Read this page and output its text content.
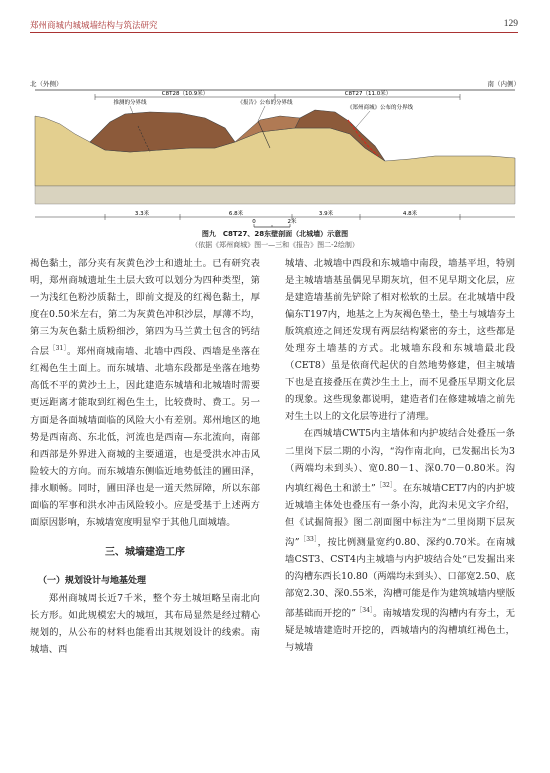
郑州商城内城城墙结构与筑法研究	129
北（外侧）	南（内侧）
C8T28（10.9米）	C8T27（11.0米）
推测的分界线	《报告》公布的分界线
《郑州商城》公布的分界线
3.3米	6.8米	3.9米	4.8米
0	2米
图九　C8T27、28东壁剖面（北城墙）示意图
（依据《郑州商城》图一—三和《报告》图二-2绘制）

褐色黏土，部分夹有灰黄色沙土和遗址土。已有研究表明，郑州商城遗址生土层大致可以划分为四种类型，第一为浅红色粉沙质黏土，即前文提及的红褐色黏土，厚度在0.50米左右，第二为灰黄色冲积沙层，厚薄不均，第三为灰色黏土质粉细沙，第四为马兰黄土包含的钙结合层$^{[31]}$。郑州商城南墙、北墙中西段、西墙是坐落在红褐色生土面上。而东城墙、北墙东段都是坐落在地势高低不平的黄沙土上，因此建造东城墙和北城墙时需要更远距离才能取到红褐色生土，比较费时、费工。另一方面是各面城墙面临的风险大小有差别。郑州地区的地势是西南高、东北低，河流也是西南—东北流向，南部和西部是外界进入商城的主要通道，也是受洪水冲击风险较大的方向。而东城墙东侧临近地势低洼的圃田泽，排水顺畅。同时，圃田泽也是一道天然屏障，所以东部面临的军事和洪水冲击风险较小。应是受基于上述两方面原因影响，东城墙宽度明显窄于其他几面城墙。

三、城墙建造工序
（一）规划设计与地基处理

郑州商城周长近7千米，整个夯土城垣略呈南北向长方形。如此规模宏大的城垣，其布局显然是经过精心规划的，从公布的材料也能看出其规划设计的线索。南城墙、西

城墙、北城墙中西段和东城墙中南段，墙基平坦，特别是主城墙墙基虽偶见早期灰坑，但不见早期文化层，应是建造墙基前先铲除了相对松软的土层。在北城墙中段偏东T197内，地基之上为灰褐色垫土，垫土与城墙夯土版筑痕迹之间还发现有两层结构紧密的夯土，这些都是处理夯土墙基的方式。北城墙东段和东城墙最北段（CET8）虽是依商代起伏的自然地势修建，但主城墙下也是直接叠压在黄沙生土上，而不见叠压早期文化层的现象。这些现象都说明，建造者们在修建城墙之前先对生土以上的文化层等进行了清理。

在西城墙CWT5内主墙体和内护坡结合处叠压一条二里岗下层二期的小沟，“沟作南北向，已发掘出长为3（两端均未到头）、宽0.80－1、深0.70－0.80米。沟内填红褐色土和淤土”$^{[32]}$。在东城墙CET7内的内护坡近城墙主体处也叠压有一条小沟，此沟未见文字介绍，但《试掘简报》图二剖面图中标注为“二里岗期下层灰沟”$^{[33]}$，按比例测量宽约0.80、深约0.70米。在南城墙CST3、CST4内主城墙与内护坡结合处“已发掘出来的沟槽东西长10.80（两端均未到头）、口部宽2.50、底部宽2.30、深0.55米，沟槽可能是作为建筑城墙内壁版部基础而开挖的”$^{[34]}$。南城墙发现的沟槽内有夯土，无疑是城墙建造时开挖的，西城墙内的沟槽填红褐色土，与城墙
